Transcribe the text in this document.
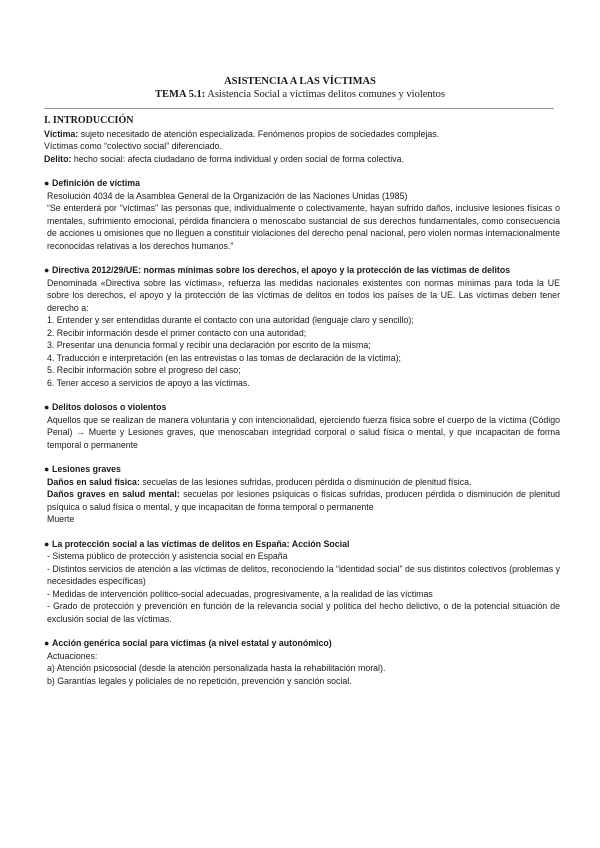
ASISTENCIA A LAS VÍCTIMAS
TEMA 5.1: Asistencia Social a víctimas delitos comunes y violentos

I. INTRODUCCIÓN

Víctima: sujeto necesitado de atención especializada. Fenómenos propios de sociedades complejas.

Víctimas como “colectivo social” diferenciado.

Delito: hecho social: afecta ciudadano de forma individual y orden social de forma colectiva.

● Definición de víctima

Resolución 4034 de la Asamblea General de la Organización de las Naciones Unidas (1985)

“Se enterderá por "víctimas" las personas que, individualmente o colectivamente, hayan sufrido daños, inclusive lesiones físicas o mentales, sufrimiento emocional, pérdida financiera o menoscabo sustancial de sus derechos fundamentales, como consecuencia de acciones u omisiones que no lleguen a constituir violaciones del derecho penal nacional, pero violen normas internacionalmente reconocidas relativas a los derechos humanos.”

● Directiva 2012/29/UE: normas mínimas sobre los derechos, el apoyo y la protección de las víctimas de delitos

Denominada «Directiva sobre las víctimas», refuerza las medidas nacionales existentes con normas mínimas para toda la UE sobre los derechos, el apoyo y la protección de las víctimas de delitos en todos los países de la UE. Las víctimas deben tener derecho a:

1. Entender y ser entendidas durante el contacto con una autoridad (lenguaje claro y sencillo);

2. Recibir información desde el primer contacto con una autoridad;

3. Presentar una denuncia formal y recibir una declaración por escrito de la misma;

4. Traducción e interpretación (en las entrevistas o las tomas de declaración de la víctima);

5. Recibir información sobre el progreso del caso;

6. Tener acceso a servicios de apoyo a las víctimas.

● Delitos dolosos o violentos

Aquellos que se realizan de manera voluntaria y con intencionalidad, ejerciendo fuerza física sobre el cuerpo de la víctima (Código Penal) → Muerte y Lesiones graves, que menoscaban integridad corporal o salud física o mental, y que incapacitan de forma temporal o permanente

● Lesiones graves

Daños en salud física: secuelas de las lesiones sufridas, producen pérdida o disminución de plenitud física.

Daños graves en salud mental: secuelas por lesiones psíquicas o físicas sufridas, producen pérdida o disminución de plenitud psíquica o salud física o mental, y que incapacitan de forma temporal o permanente

Muerte

● La protección social a las víctimas de delitos en España: Acción Social

- Sistema público de protección y asistencia social en España

- Distintos servicios de atención a las víctimas de delitos, reconociendo la “identidad social” de sus distintos colectivos (problemas y necesidades específicas)

- Medidas de intervención político-social adecuadas, progresivamente, a la realidad de las víctimas

- Grado de protección y prevención en función de la relevancia social y política del hecho delictivo, o de la potencial situación de exclusión social de las víctimas.

● Acción genérica social para víctimas (a nivel estatal y autonómico)

Actuaciones:

a) Atención psicosocial (desde la atención personalizada hasta la rehabilitación moral).

b) Garantías legales y policiales de no repetición, prevención y sanción social.
